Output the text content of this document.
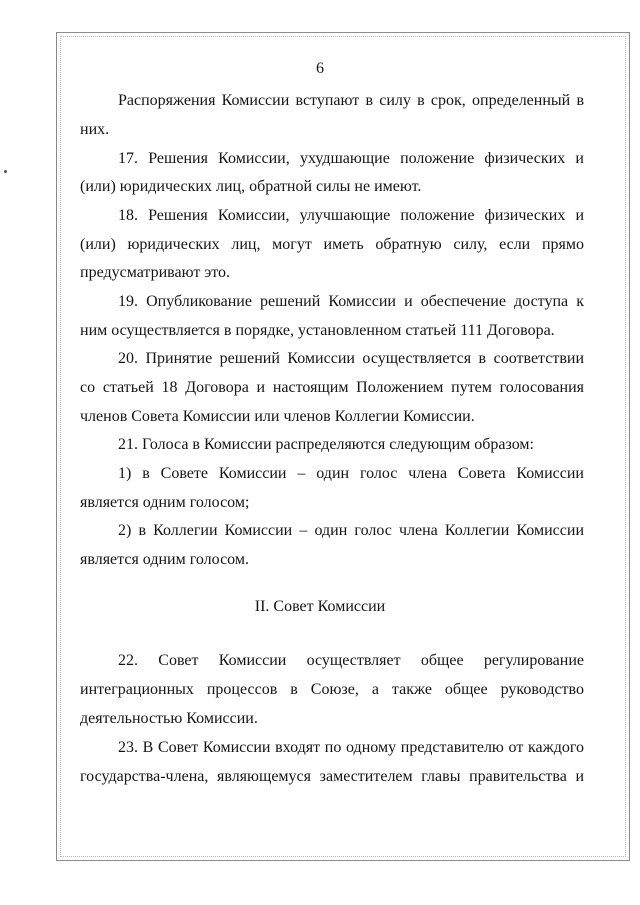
6
Распоряжения Комиссии вступают в силу в срок, определенный в
них.
17. Решения Комиссии, ухудшающие положение физических и
(или) юридических лиц, обратной силы не имеют.
18. Решения Комиссии, улучшающие положение физических и
(или) юридических лиц, могут иметь обратную силу, если прямо
предусматривают это.
19. Опубликование решений Комиссии и обеспечение доступа к
ним осуществляется в порядке, установленном статьей 111 Договора.
20. Принятие решений Комиссии осуществляется в соответствии
со статьей 18 Договора и настоящим Положением путем голосования
членов Совета Комиссии или членов Коллегии Комиссии.
21. Голоса в Комиссии распределяются следующим образом:
1) в Совете Комиссии – один голос члена Совета Комиссии
является одним голосом;
2) в Коллегии Комиссии – один голос члена Коллегии Комиссии
является одним голосом.
II. Совет Комиссии
22. Совет Комиссии осуществляет общее регулирование
интеграционных процессов в Союзе, а также общее руководство
деятельностью Комиссии.
23. В Совет Комиссии входят по одному представителю от каждого
государства-члена, являющемуся заместителем главы правительства и
